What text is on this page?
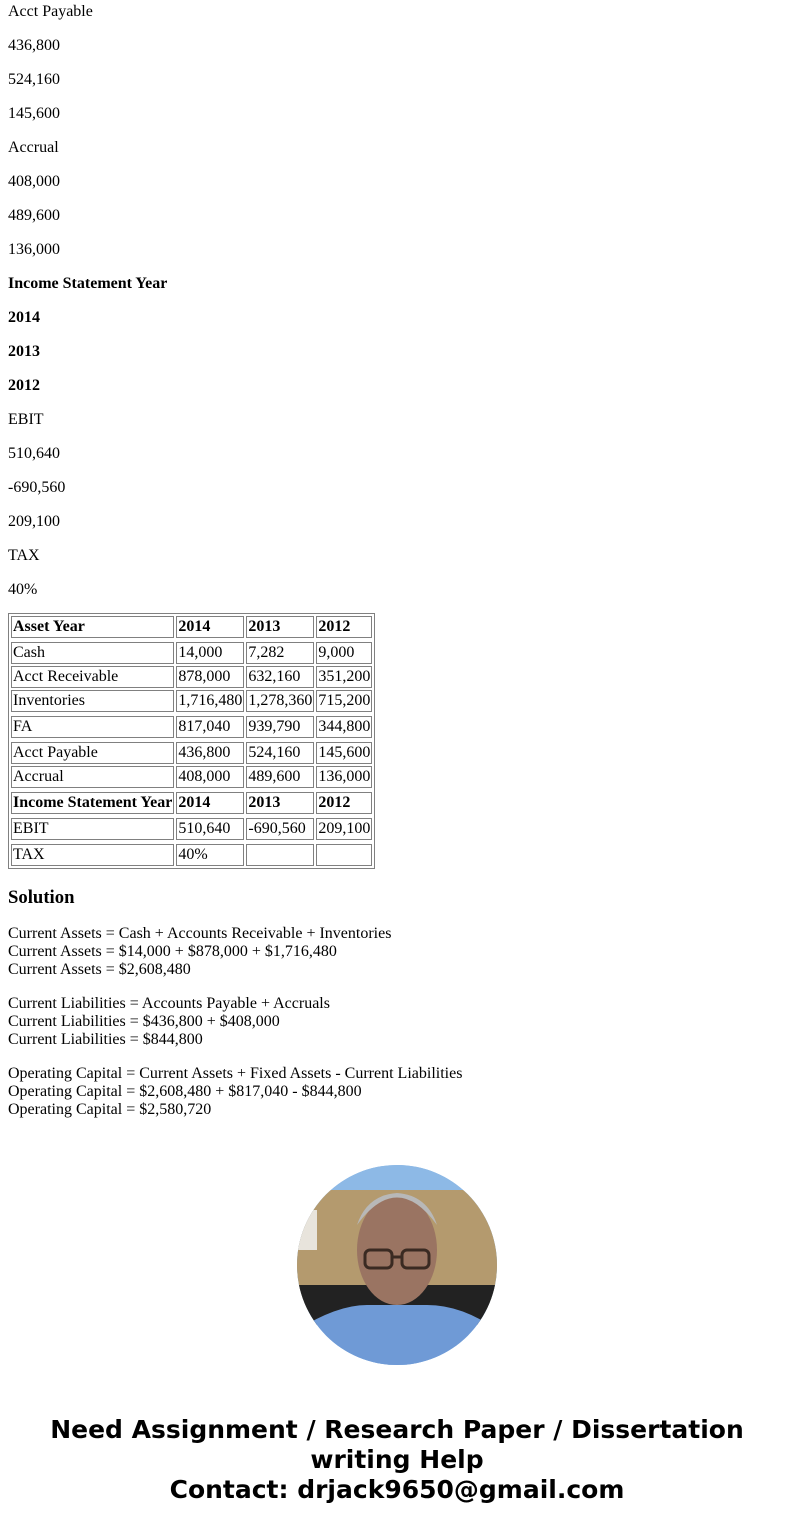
Acct Payable

436,800

524,160

145,600

Accrual

408,000

489,600

136,000

Income Statement Year

2014

2013

2012

EBIT

510,640

-690,560

209,100

TAX

40%

Asset Year	2014	2013	2012

Cash	14,000	7,282	9,000
Acct Receivable	878,000	632,160	351,200
Inventories	1,716,480	1,278,360	715,200

FA	817,040	939,790	344,800

Acct Payable	436,800	524,160	145,600
Accrual	408,000	489,600	136,000

Income Statement Year	2014	2013	2012

EBIT	510,640	-690,560	209,100

TAX	40%		
Solution

Current Assets = Cash + Accounts Receivable + Inventories
Current Assets = $14,000 + $878,000 + $1,716,480
Current Assets = $2,608,480

Current Liabilities = Accounts Payable + Accruals
Current Liabilities = $436,800 + $408,000
Current Liabilities = $844,800

Operating Capital = Current Assets + Fixed Assets - Current Liabilities
Operating Capital = $2,608,480 + $817,040 - $844,800
Operating Capital = $2,580,720

Need Assignment / Research Paper / Dissertation
writing Help
Contact: drjack9650@gmail.com
